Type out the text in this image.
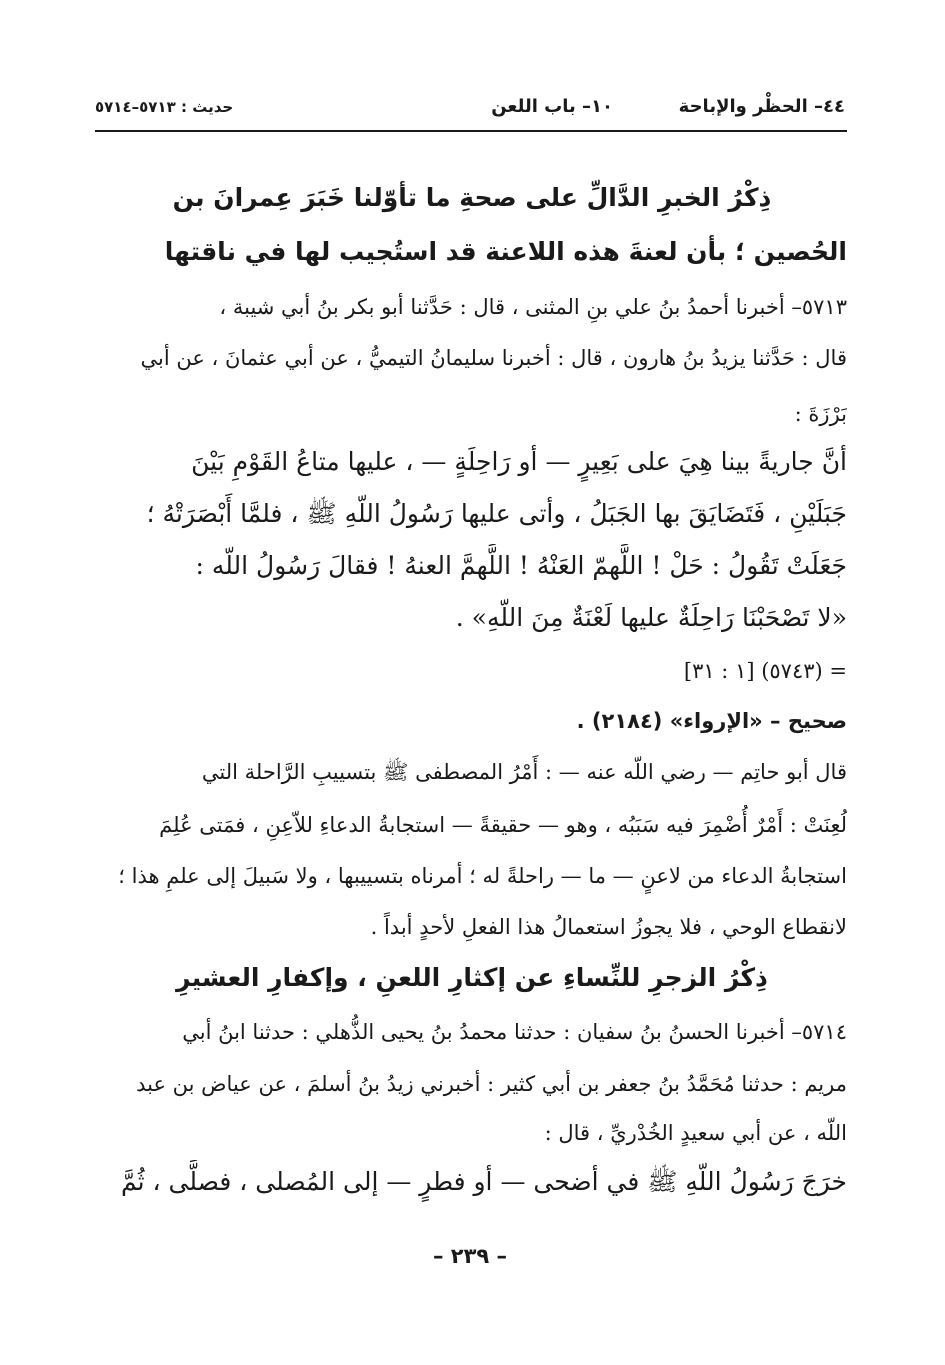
٤٤– الحظْر والإباحة
١٠– باب اللعن
حديث : ٥٧١٣–٥٧١٤
ذِكْرُ الخبرِ الدَّالِّ على صحةِ ما تأوّلنا خَبَرَ عِمرانَ بن
الحُصين ؛ بأن لعنةَ هذه اللاعنة قد استُجيب لها في ناقتها
٥٧١٣– أخبرنا أحمدُ بنُ علي بنِ المثنى ، قال : حَدَّثنا أبو بكر بنُ أبي شيبة ،
قال : حَدَّثنا يزيدُ بنُ هارون ، قال : أخبرنا سليمانُ التيميُّ ، عن أبي عثمانَ ، عن أبي
بَرْزَةَ :
أنَّ جاريةً بينا هِيَ على بَعِيرٍ — أو رَاحِلَةٍ — ، عليها متاعُ القَوْمِ بَيْنَ
جَبَلَيْنِ ، فَتَضَايَقَ بها الجَبَلُ ، وأتى عليها رَسُولُ اللّهِ ﷺ ، فلمَّا أَبْصَرَتْهُ ؛
جَعَلَتْ تَقُولُ : حَلْ ! اللَّهمّ العَنْهُ ! اللَّهمَّ العنهُ ! فقالَ رَسُولُ اللّه :
«لا تَصْحَبْنَا رَاحِلَةٌ عليها لَعْنَةٌ مِنَ اللّهِ» .
= (٥٧٤٣) [١ : ٣١]
صحيح – «الإرواء» (٢١٨٤) .
قال أبو حاتِم — رضي اللّه عنه — : أَمْرُ المصطفى ﷺ بتسييبِ الرَّاحلة التي
لُعِنَتْ : أَمْرٌ أُضْمِرَ فيه سَبَبُه ، وهو — حقيقةً — استجابةُ الدعاءِ للاّعِنِ ، فمَتى عُلِمَ
استجابةُ الدعاء من لاعنٍ — ما — راحلةً له ؛ أمرناه بتسييبها ، ولا سَبيلَ إلى علمِ هذا ؛
لانقطاع الوحي ، فلا يجوزُ استعمالُ هذا الفعلِ لأحدٍ أبداً .
ذِكْرُ الزجرِ للنِّساءِ عن إكثارِ اللعنِ ، وإكفارِ العشيرِ
٥٧١٤– أخبرنا الحسنُ بنُ سفيان : حدثنا محمدُ بنُ يحيى الذُّهلي : حدثنا ابنُ أبي
مريم : حدثنا مُحَمَّدُ بنُ جعفر بن أبي كثير : أخبرني زيدُ بنُ أسلمَ ، عن عياض بن عبد
اللّه ، عن أبي سعيدٍ الخُدْريِّ ، قال :
خرَجَ رَسُولُ اللّهِ ﷺ في أضحى — أو فطرٍ — إلى المُصلى ، فصلَّى ، ثُمَّ
– ٢٣٩ –
